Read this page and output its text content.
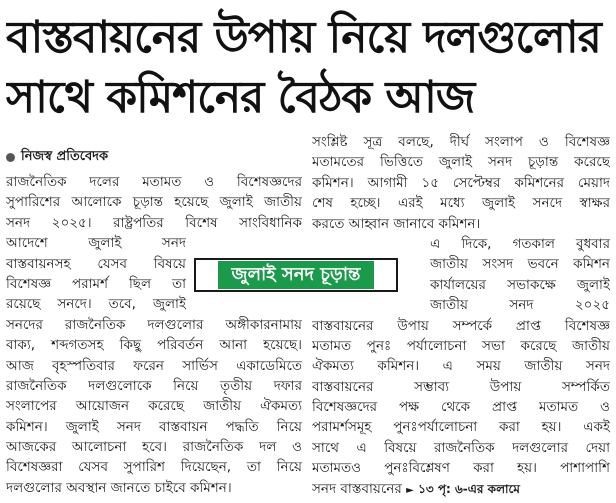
বাস্তবায়নের উপায় নিয়ে দলগুলোর
সাথে কমিশনের বৈঠক আজ
নিজস্ব প্রতিবেদক
রাজনৈতিক দলের মতামত ও বিশেষজ্ঞদের
সুপারিশের আলোকে চূড়ান্ত হয়েছে জুলাই জাতীয়
সনদ ২০২৫। রাষ্ট্রপতির বিশেষ সাংবিধানিক
আদেশে জুলাই সনদ
বাস্তবায়নসহ যেসব বিষয়ে
বিশেষজ্ঞ পরামর্শ ছিল তা
রয়েছে সনদে। তবে, জুলাই
সনদের রাজনৈতিক দলগুলোর অঙ্গীকারনামায়
বাক্য, শব্দগতসহ কিছু পরিবর্তন আনা হয়েছে।
আজ বৃহস্পতিবার ফরেন সার্ভিস একাডেমিতে
রাজনৈতিক দলগুলোকে নিয়ে তৃতীয় দফার
সংলাপের আয়োজন করেছে জাতীয় ঐকমত্য
কমিশন। জুলাই সনদ বাস্তবায়ন পদ্ধতি নিয়ে
আজকের আলোচনা হবে। রাজনৈতিক দল ও
বিশেষজ্ঞরা যেসব সুপারিশ দিয়েছেন, তা নিয়ে
দলগুলোর অবস্থান জানতে চাইবে কমিশন।
সংশ্লিষ্ট সূত্র বলছে, দীর্ঘ সংলাপ ও বিশেষজ্ঞ
মতামতের ভিত্তিতে জুলাই সনদ চূড়ান্ত করেছে
কমিশন। আগামী ১৫ সেপ্টেম্বর কমিশনের মেয়াদ
শেষ হচ্ছে। এরই মধ্যে জুলাই সনদে স্বাক্ষর
করতে আহ্বান জানাবে কমিশন।
এ দিকে, গতকাল বুধবার
জাতীয় সংসদ ভবনে কমিশন
কার্যালয়ের সভাকক্ষে জুলাই
জাতীয় সনদ ২০২৫
বাস্তবায়নের উপায় সম্পর্কে প্রাপ্ত বিশেষজ্ঞ
মতামত পুনঃ পর্যালোচনা সভা করেছে জাতীয়
ঐকমত্য কমিশন। এ সময় জাতীয় সনদ
বাস্তবায়নের সম্ভাব্য উপায় সম্পর্কিত
বিশেষজ্ঞদের পক্ষ থেকে প্রাপ্ত মতামত ও
পরামর্শসমূহ পুনঃপর্যালোচনা করা হয়। একই
সাথে এ বিষয়ে রাজনৈতিক দলগুলোর দেয়া
মতামতও পুনঃবিশ্লেষণ করা হয়। পাশাপাশি
সনদ বাস্তবায়নের ► ১৩ পৃ: ৬-এর কলামে
জুলাই সনদ চূড়ান্ত
